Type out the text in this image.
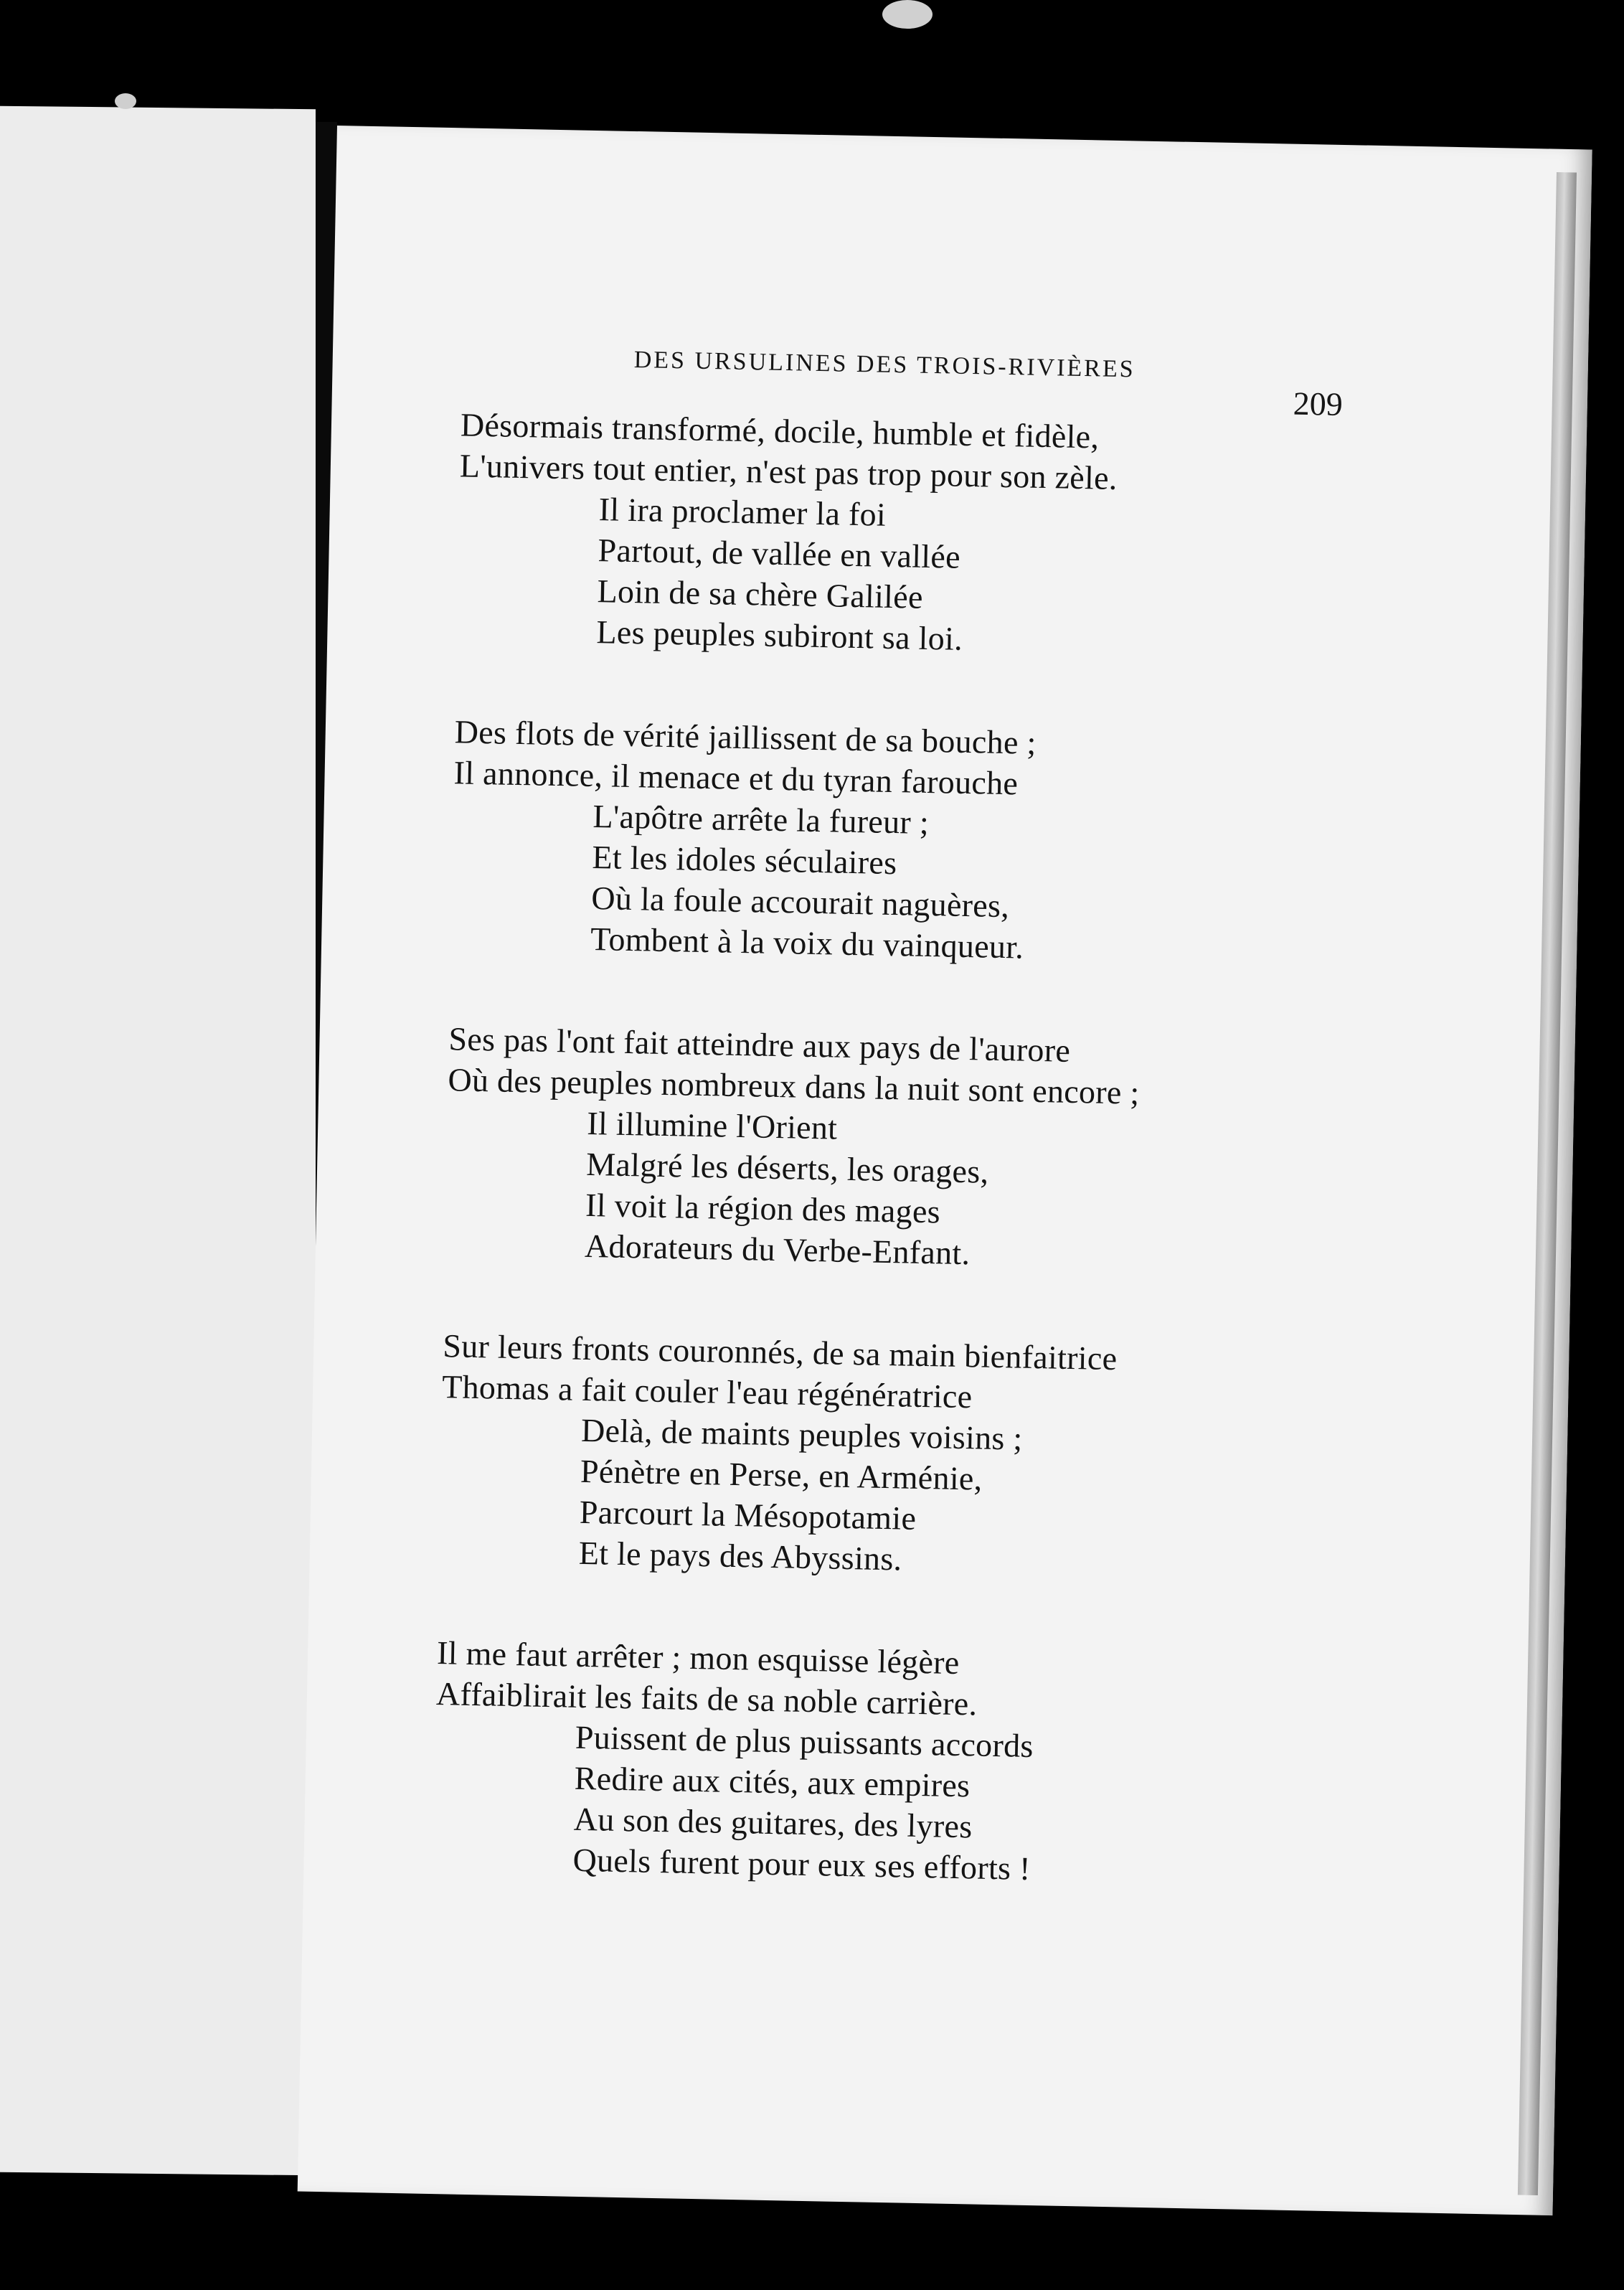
DES URSULINES DES TROIS-RIVIÈRES
209
Désormais transformé, docile, humble et fidèle,
L'univers tout entier, n'est pas trop pour son zèle.
Il ira proclamer la foi
Partout, de vallée en vallée
Loin de sa chère Galilée
Les peuples subiront sa loi.
Des flots de vérité jaillissent de sa bouche ;
Il annonce, il menace et du tyran farouche
L'apôtre arrête la fureur ;
Et les idoles séculaires
Où la foule accourait naguères,
Tombent à la voix du vainqueur.
Ses pas l'ont fait atteindre aux pays de l'aurore
Où des peuples nombreux dans la nuit sont encore ;
Il illumine l'Orient
Malgré les déserts, les orages,
Il voit la région des mages
Adorateurs du Verbe-Enfant.
Sur leurs fronts couronnés, de sa main bienfaitrice
Thomas a fait couler l'eau régénératrice
Delà, de maints peuples voisins ;
Pénètre en Perse, en Arménie,
Parcourt la Mésopotamie
Et le pays des Abyssins.
Il me faut arrêter ; mon esquisse légère
Affaiblirait les faits de sa noble carrière.
Puissent de plus puissants accords
Redire aux cités, aux empires
Au son des guitares, des lyres
Quels furent pour eux ses efforts !
